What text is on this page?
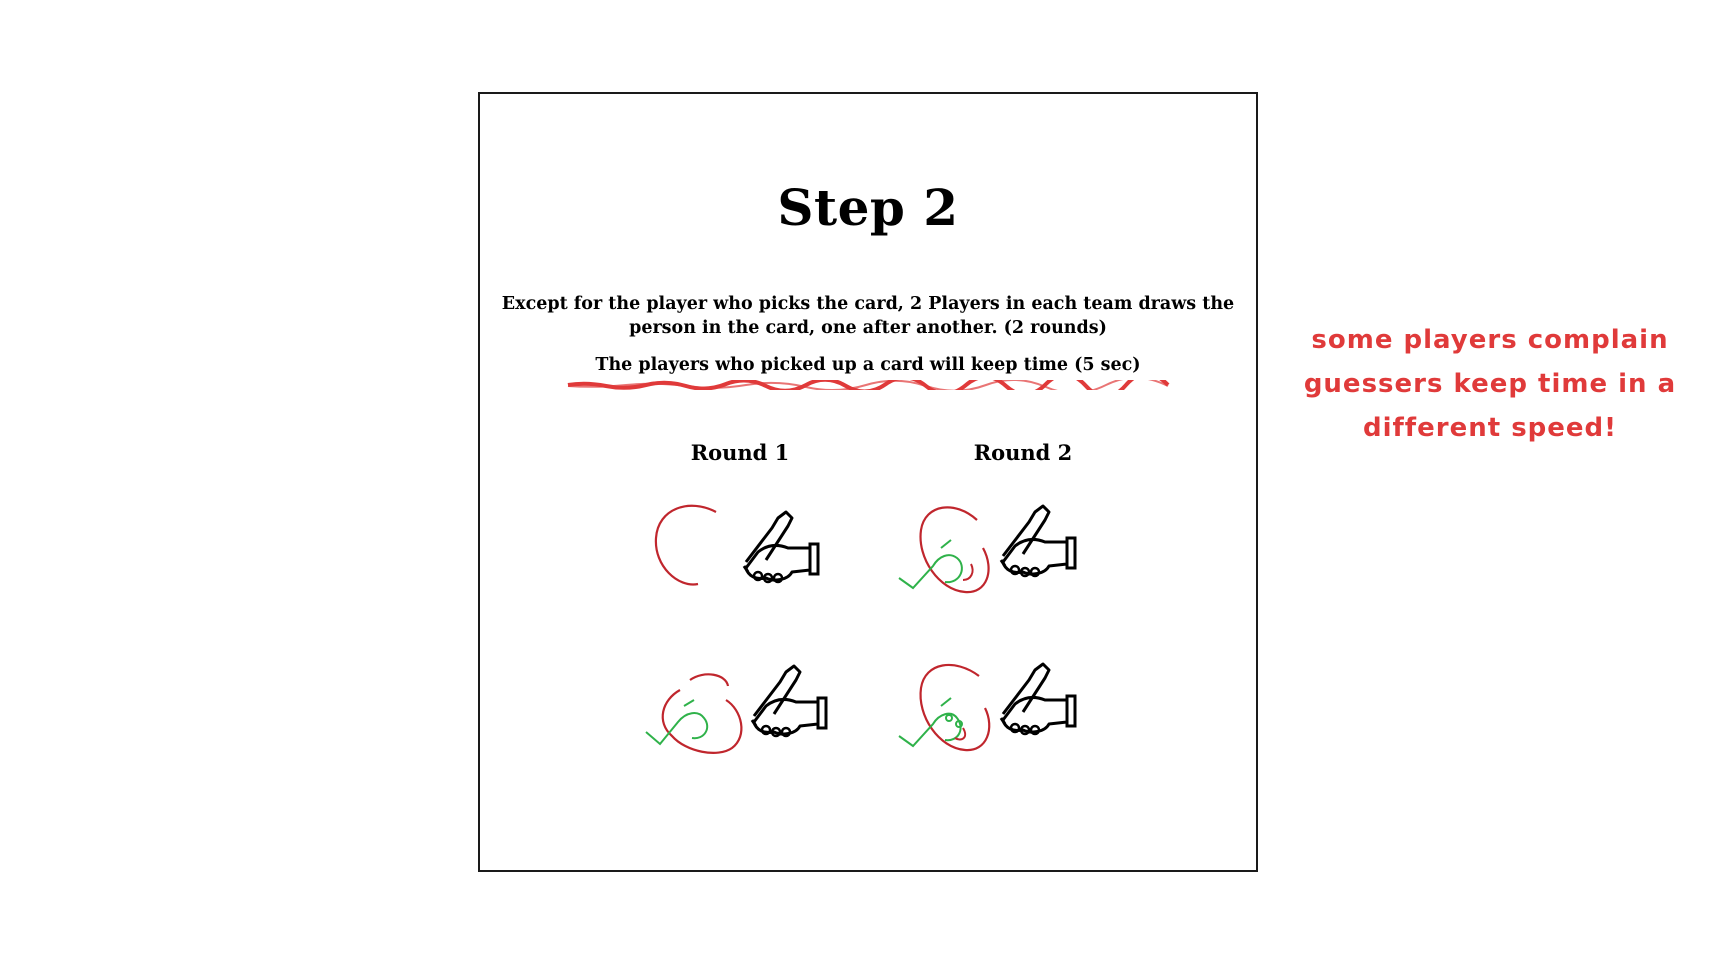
Step 2
Except for the player who picks the card, 2 Players in each team draws the person in the card, one after another. (2 rounds)
The players who picked up a card will keep time (5 sec)
Round 1	Round 2
some players complain guessers keep time in a different speed!
